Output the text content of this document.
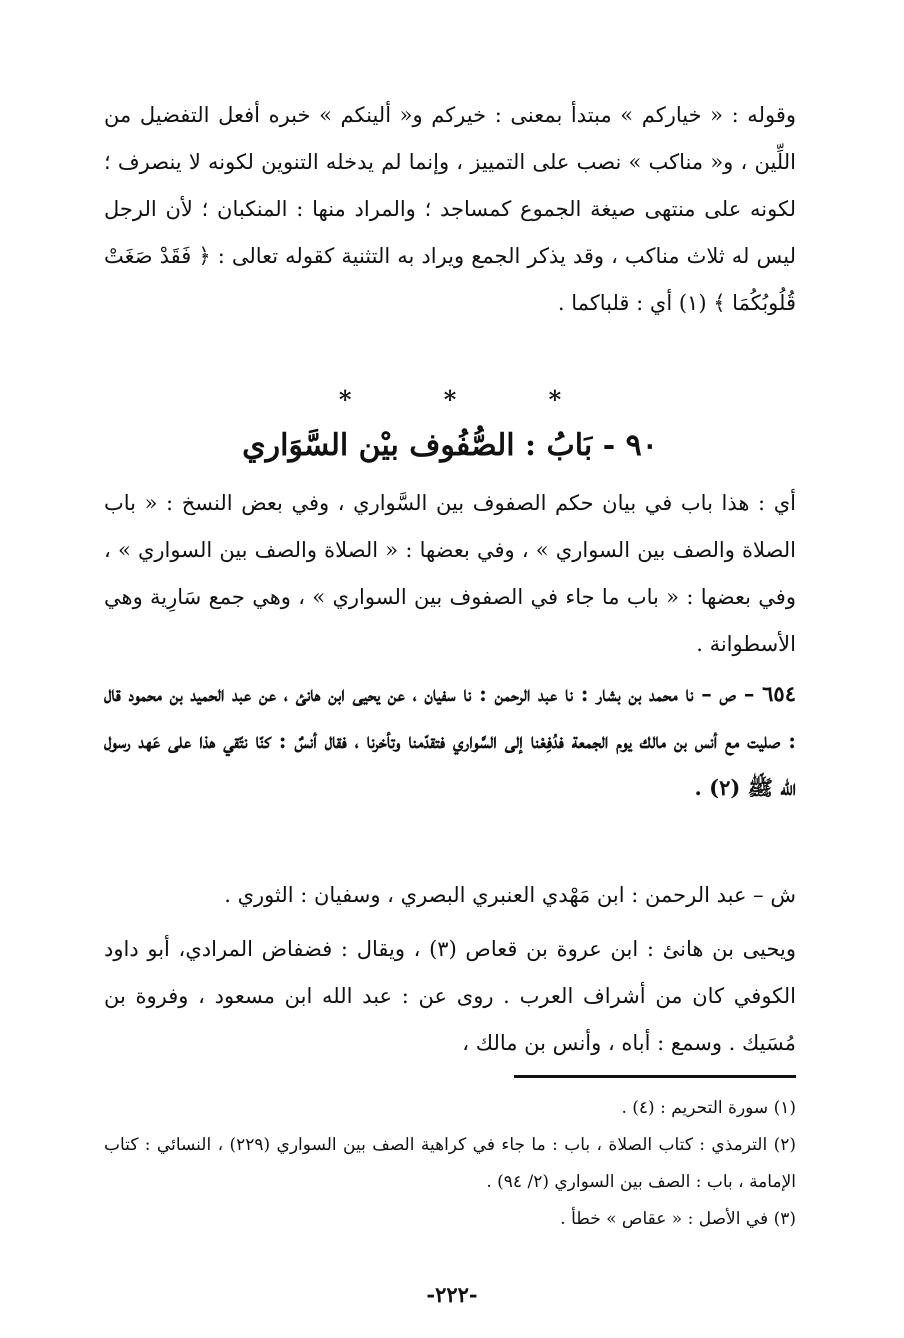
وقوله : « خياركم » مبتدأ بمعنى : خيركم و« ألينكم » خبره أفعل التفضيل من اللِّين ، و« مناكب » نصب على التمييز ، وإنما لم يدخله التنوين لكونه لا ينصرف ؛ لكونه على منتهى صيغة الجموع كمساجد ؛ والمراد منها : المنكبان ؛ لأن الرجل ليس له ثلاث مناكب ، وقد يذكر الجمع ويراد به التثنية كقوله تعالى : ﴿ فَقَدْ صَغَتْ قُلُوبُكُمَا ﴾ (١) أي : قلباكما .

* * *
٩٠ - بَابُ : الصُّفُوف بيْن السَّوَاري

أي : هذا باب في بيان حكم الصفوف بين السَّواري ، وفي بعض النسخ : « باب الصلاة والصف بين السواري » ، وفي بعضها : « الصلاة والصف بين السواري » ، وفي بعضها : « باب ما جاء في الصفوف بين السواري » ، وهي جمع سَارِية وهي الأسطوانة .

٦٥٤ – ص – نا محمد بن بشار : نا عبد الرحمن : نا سفيان ، عن يحيى ابن هانئ ، عن عبد الحميد بن محمود قال : صليت مع أنس بن مالك يوم الجمعة فدُفِعْنا إلى السَّواري فتقدّمنا وتأخرنا ، فقال أنسٌ : كنّا نتّقي هذا على عَهد رسول الله ﷺ (٢) .

ش – عبد الرحمن : ابن مَهْدي العنبري البصري ، وسفيان : الثوري .

ويحيى بن هانئ : ابن عروة بن قعاص (٣) ، ويقال : فضفاض المرادي، أبو داود الكوفي كان من أشراف العرب . روى عن : عبد الله ابن مسعود ، وفروة بن مُسَيك . وسمع : أباه ، وأنس بن مالك ،

(١) سورة التحريم : (٤) .

(٢) الترمذي : كتاب الصلاة ، باب : ما جاء في كراهية الصف بين السواري (٢٢٩) ، النسائي : كتاب الإمامة ، باب : الصف بين السواري (٢/ ٩٤) .

(٣) في الأصل : « عقاص » خطأ .

-٢٢٢-
